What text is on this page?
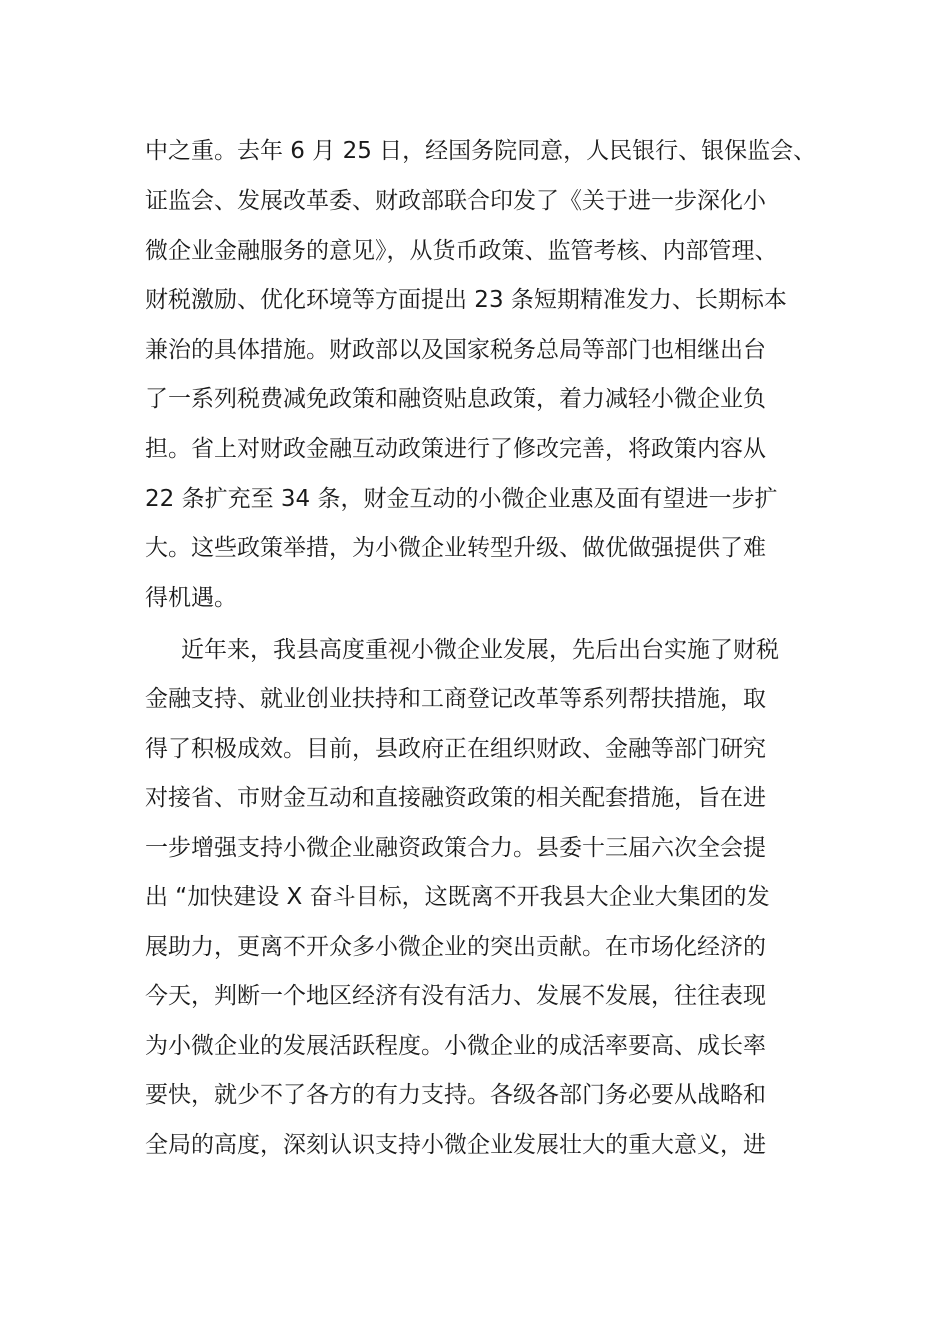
中之重。去年 6 月 25 日，经国务院同意，人民银行、银保监会、
证监会、发展改革委、财政部联合印发了《关于进一步深化小
微企业金融服务的意见》，从货币政策、监管考核、内部管理、
财税激励、优化环境等方面提出 23 条短期精准发力、长期标本
兼治的具体措施。财政部以及国家税务总局等部门也相继出台
了一系列税费减免政策和融资贴息政策，着力减轻小微企业负
担。省上对财政金融互动政策进行了修改完善，将政策内容从
22 条扩充至 34 条，财金互动的小微企业惠及面有望进一步扩
大。这些政策举措，为小微企业转型升级、做优做强提供了难
得机遇。
近年来，我县高度重视小微企业发展，先后出台实施了财税
金融支持、就业创业扶持和工商登记改革等系列帮扶措施，取
得了积极成效。目前，县政府正在组织财政、金融等部门研究
对接省、市财金互动和直接融资政策的相关配套措施，旨在进
一步增强支持小微企业融资政策合力。县委十三届六次全会提
出 “加快建设 X 奋斗目标，这既离不开我县大企业大集团的发
展助力，更离不开众多小微企业的突出贡献。在市场化经济的
今天，判断一个地区经济有没有活力、发展不发展，往往表现
为小微企业的发展活跃程度。小微企业的成活率要高、成长率
要快，就少不了各方的有力支持。各级各部门务必要从战略和
全局的高度，深刻认识支持小微企业发展壮大的重大意义，进
